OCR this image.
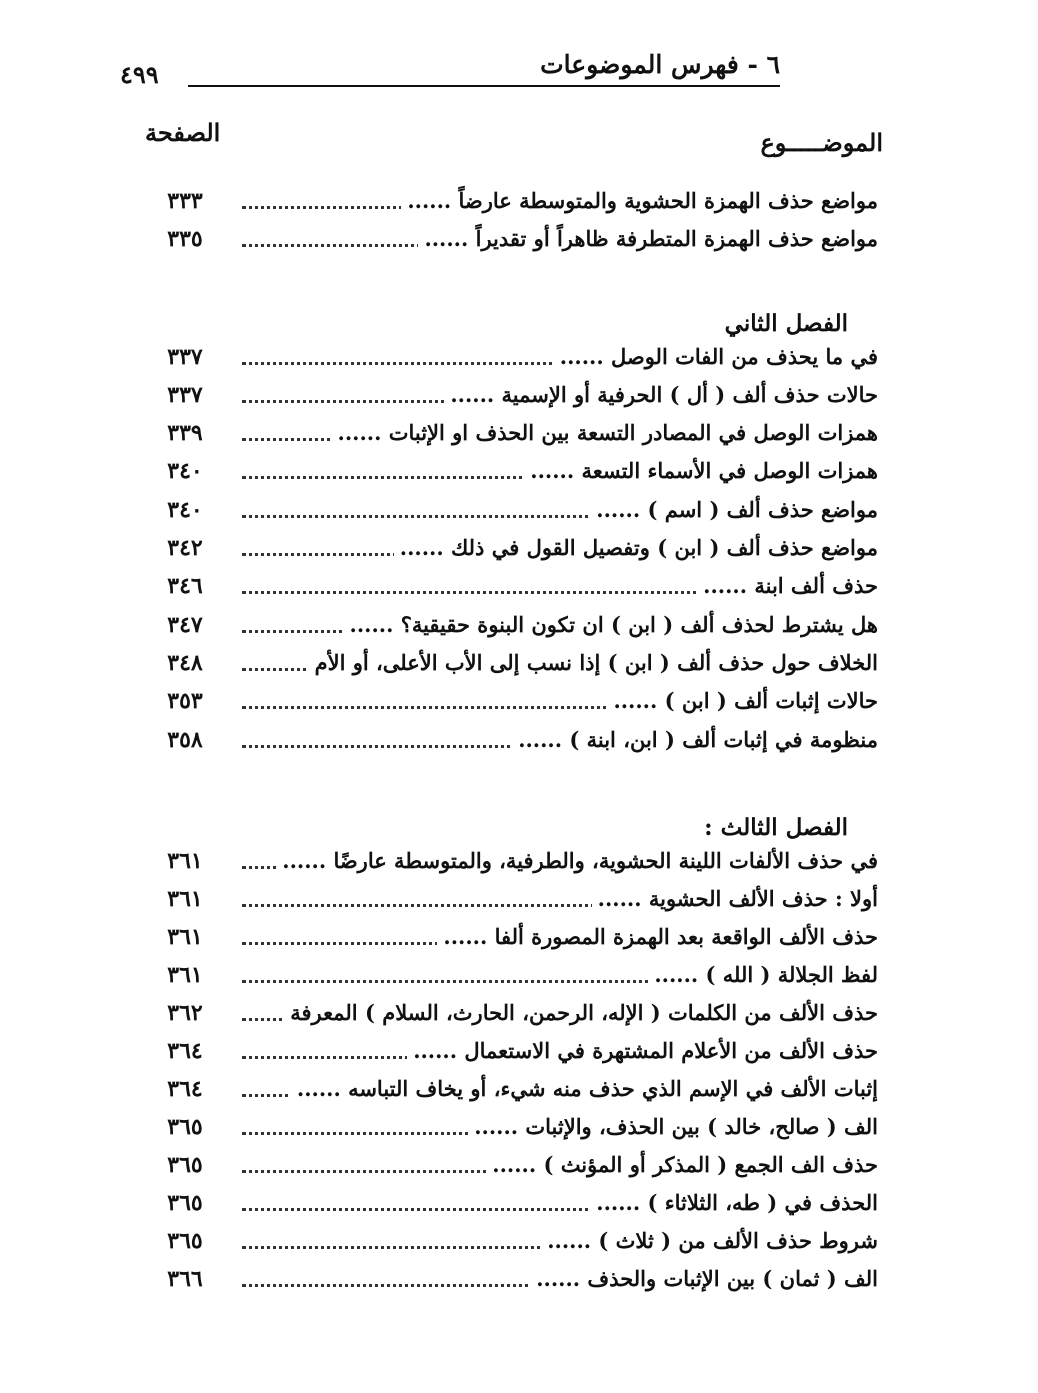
٦ - فهرس الموضوعات
٤٩٩
الموضـــــوع
الصفحة
مواضع حذف الهمزة الحشوية والمتوسطة عارضاً ......
٣٣٣
مواضع حذف الهمزة المتطرفة ظاهراً أو تقديراً ......
٣٣٥
الفصل الثاني
في ما يحذف من الفات الوصل ......
٣٣٧
حالات حذف ألف ( أل ) الحرفية أو الإسمية ......
٣٣٧
همزات الوصل في المصادر التسعة بين الحذف او الإثبات ......
٣٣٩
همزات الوصل في الأسماء التسعة ......
٣٤٠
مواضع حذف ألف ( اسم ) ......
٣٤٠
مواضع حذف ألف ( ابن ) وتفصيل القول في ذلك ......
٣٤٢
حذف ألف ابنة ......
٣٤٦
هل يشترط لحذف ألف ( ابن ) ان تكون البنوة حقيقية؟ ......
٣٤٧
الخلاف حول حذف ألف ( ابن ) إذا نسب إلى الأب الأعلى، أو الأم
٣٤٨
حالات إثبات ألف ( ابن ) ......
٣٥٣
منظومة في إثبات ألف ( ابن، ابنة ) ......
٣٥٨
الفصل الثالث :
في حذف الألفات اللينة الحشوية، والطرفية، والمتوسطة عارضًا ......
٣٦١
أولا : حذف الألف الحشوية ......
٣٦١
حذف الألف الواقعة بعد الهمزة المصورة ألفا ......
٣٦١
لفظ الجلالة ( الله ) ......
٣٦١
حذف الألف من الكلمات ( الإله، الرحمن، الحارث، السلام ) المعرفة
٣٦٢
حذف الألف من الأعلام المشتهرة في الاستعمال ......
٣٦٤
إثبات الألف في الإسم الذي حذف منه شيء، أو يخاف التباسه ......
٣٦٤
الف ( صالح، خالد ) بين الحذف، والإثبات ......
٣٦٥
حذف الف الجمع ( المذكر أو المؤنث ) ......
٣٦٥
الحذف في ( طه، الثلاثاء ) ......
٣٦٥
شروط حذف الألف من ( ثلاث ) ......
٣٦٥
الف ( ثمان ) بين الإثبات والحذف ......
٣٦٦
